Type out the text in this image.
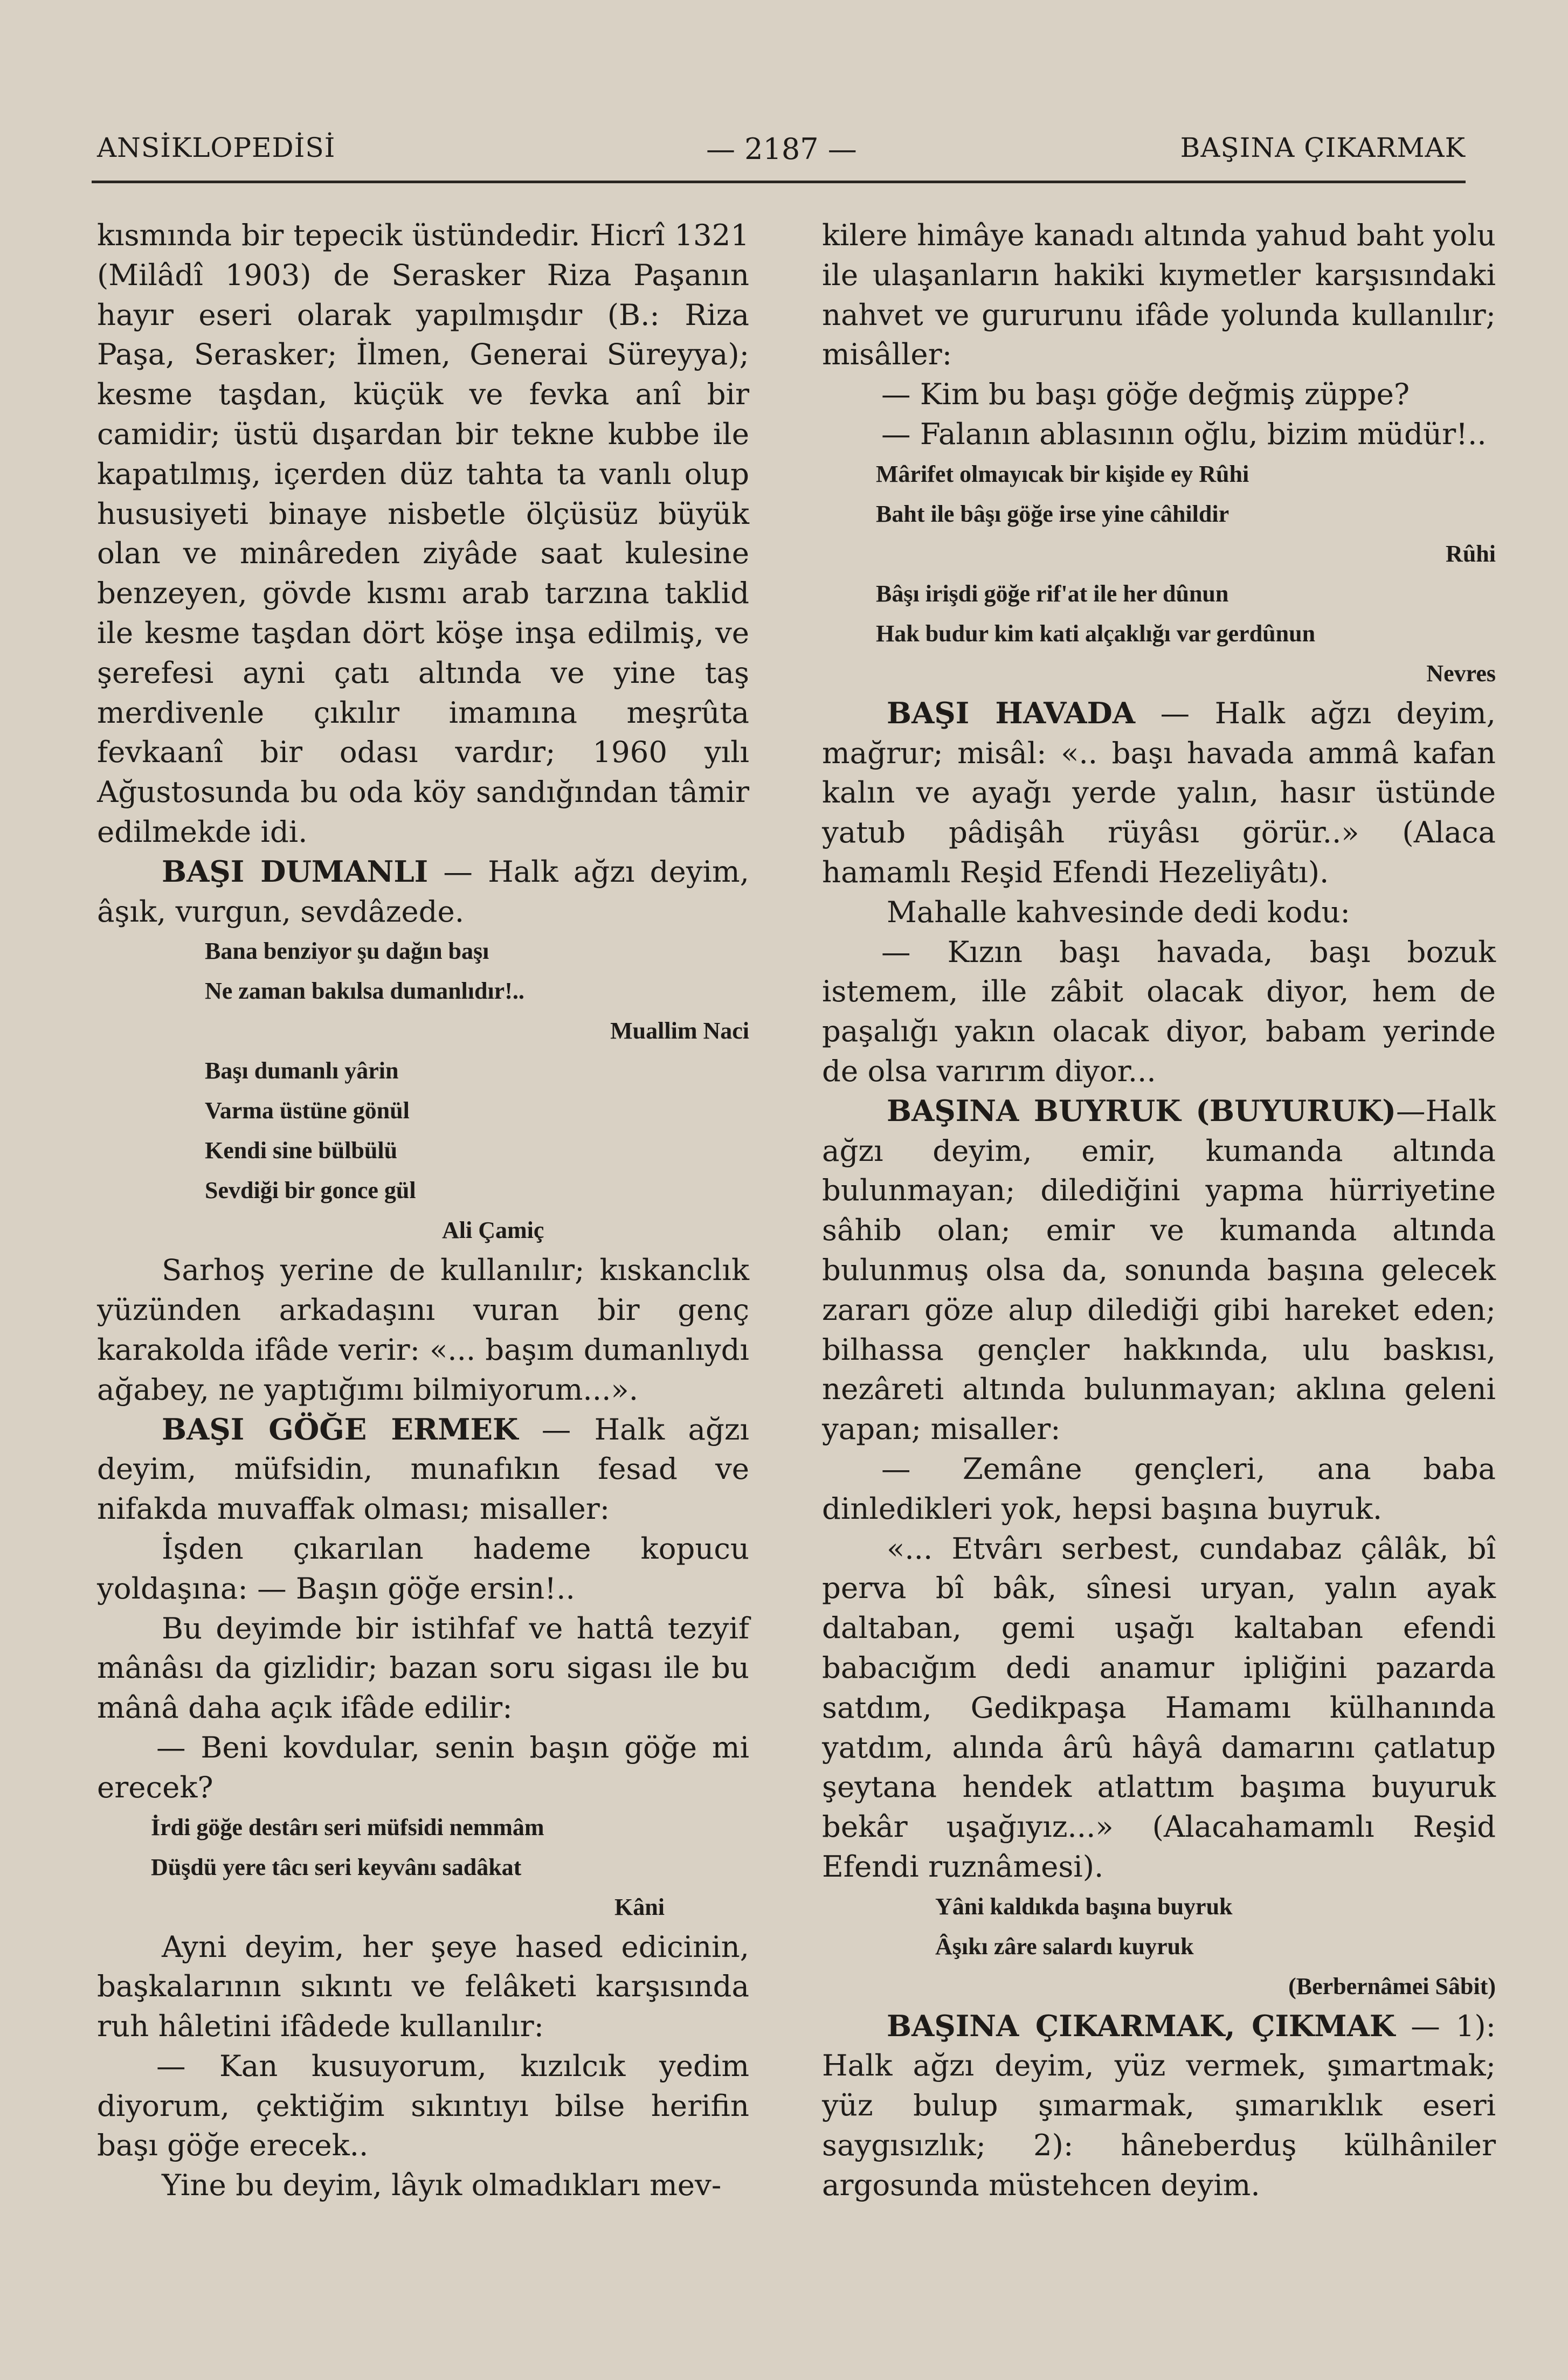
ANSİKLOPEDİSİ	— 2187 —	BAŞINA ÇIKARMAK

kısmında bir tepecik üstündedir. Hicrî 1321 (Milâdî 1903) de Serasker Riza Paşanın hayır eseri olarak yapılmışdır (B.: Riza Paşa, Serasker; İlmen, Generai Süreyya); kesme taşdan, küçük ve fevka anî bir camidir; üstü dışardan bir tekne kubbe ile kapatılmış, içerden düz tahta ta vanlı olup hususiyeti binaye nisbetle ölçüsüz büyük olan ve minâreden ziyâde saat kulesine benzeyen, gövde kısmı arab tarzına taklid ile kesme taşdan dört köşe inşa edilmiş, ve şerefesi ayni çatı altında ve yine taş merdivenle çıkılır imamına meşrûta fevkaanî bir odası vardır; 1960 yılı Ağustosunda bu oda köy sandığından tâmir edilmekde idi.

BAŞI DUMANLI — Halk ağzı deyim, âşık, vurgun, sevdâzede.

Bana benziyor şu dağın başı

Ne zaman bakılsa dumanlıdır!..

Muallim Naci

Başı dumanlı yârin

Varma üstüne gönül

Kendi sine bülbülü

Sevdiği bir gonce gül

Ali Çamiç

Sarhoş yerine de kullanılır; kıskanclık yüzünden arkadaşını vuran bir genç karakolda ifâde verir: «... başım dumanlıydı ağabey, ne yaptığımı bilmiyorum...».

BAŞI GÖĞE ERMEK — Halk ağzı deyim, müfsidin, munafıkın fesad ve nifakda muvaffak olması; misaller:

İşden çıkarılan hademe kopucu yoldaşına: — Başın göğe ersin!..

Bu deyimde bir istihfaf ve hattâ tezyif mânâsı da gizlidir; bazan soru sigası ile bu mânâ daha açık ifâde edilir:

— Beni kovdular, senin başın göğe mi erecek?

İrdi göğe destârı seri müfsidi nemmâm

Düşdü yere tâcı seri keyvânı sadâkat

Kâni

Ayni deyim, her şeye hased edicinin, başkalarının sıkıntı ve felâketi karşısında ruh hâletini ifâdede kullanılır:

— Kan kusuyorum, kızılcık yedim diyorum, çektiğim sıkıntıyı bilse herifin başı göğe erecek..

Yine bu deyim, lâyık olmadıkları mev-

kilere himâye kanadı altında yahud baht yolu ile ulaşanların hakiki kıymetler karşısındaki nahvet ve gururunu ifâde yolunda kullanılır; misâller:

— Kim bu başı göğe değmiş züppe?

— Falanın ablasının oğlu, bizim müdür!..

Mârifet olmayıcak bir kişide ey Rûhi

Baht ile bâşı göğe irse yine câhildir

Rûhi

Bâşı irişdi göğe rif'at ile her dûnun

Hak budur kim kati alçaklığı var gerdûnun

Nevres

BAŞI HAVADA — Halk ağzı deyim, mağrur; misâl: «.. başı havada ammâ kafan kalın ve ayağı yerde yalın, hasır üstünde yatub pâdişâh rüyâsı görür..» (Alaca hamamlı Reşid Efendi Hezeliyâtı).

Mahalle kahvesinde dedi kodu:

— Kızın başı havada, başı bozuk istemem, ille zâbit olacak diyor, hem de paşalığı yakın olacak diyor, babam yerinde de olsa varırım diyor...

BAŞINA BUYRUK (BUYURUK)—Halk ağzı deyim, emir, kumanda altında bulunmayan; dilediğini yapma hürriyetine sâhib olan; emir ve kumanda altında bulunmuş olsa da, sonunda başına gelecek zararı göze alup dilediği gibi hareket eden; bilhassa gençler hakkında, ulu baskısı, nezâreti altında bulunmayan; aklına geleni yapan; misaller:

— Zemâne gençleri, ana baba dinledikleri yok, hepsi başına buyruk.

«... Etvârı serbest, cundabaz çâlâk, bî perva bî bâk, sînesi uryan, yalın ayak daltaban, gemi uşağı kaltaban efendi babacığım dedi anamur ipliğini pazarda satdım, Gedikpaşa Hamamı külhanında yatdım, alında ârû hâyâ damarını çatlatup şeytana hendek atlattım başıma buyuruk bekâr uşağıyız...» (Alacahamamlı Reşid Efendi ruznâmesi).

Yâni kaldıkda başına buyruk

Âşıkı zâre salardı kuyruk

(Berbernâmei Sâbit)

BAŞINA ÇIKARMAK, ÇIKMAK — 1): Halk ağzı deyim, yüz vermek, şımartmak; yüz bulup şımarmak, şımarıklık eseri saygısızlık; 2): hâneberduş külhâniler argosunda müstehcen deyim.
